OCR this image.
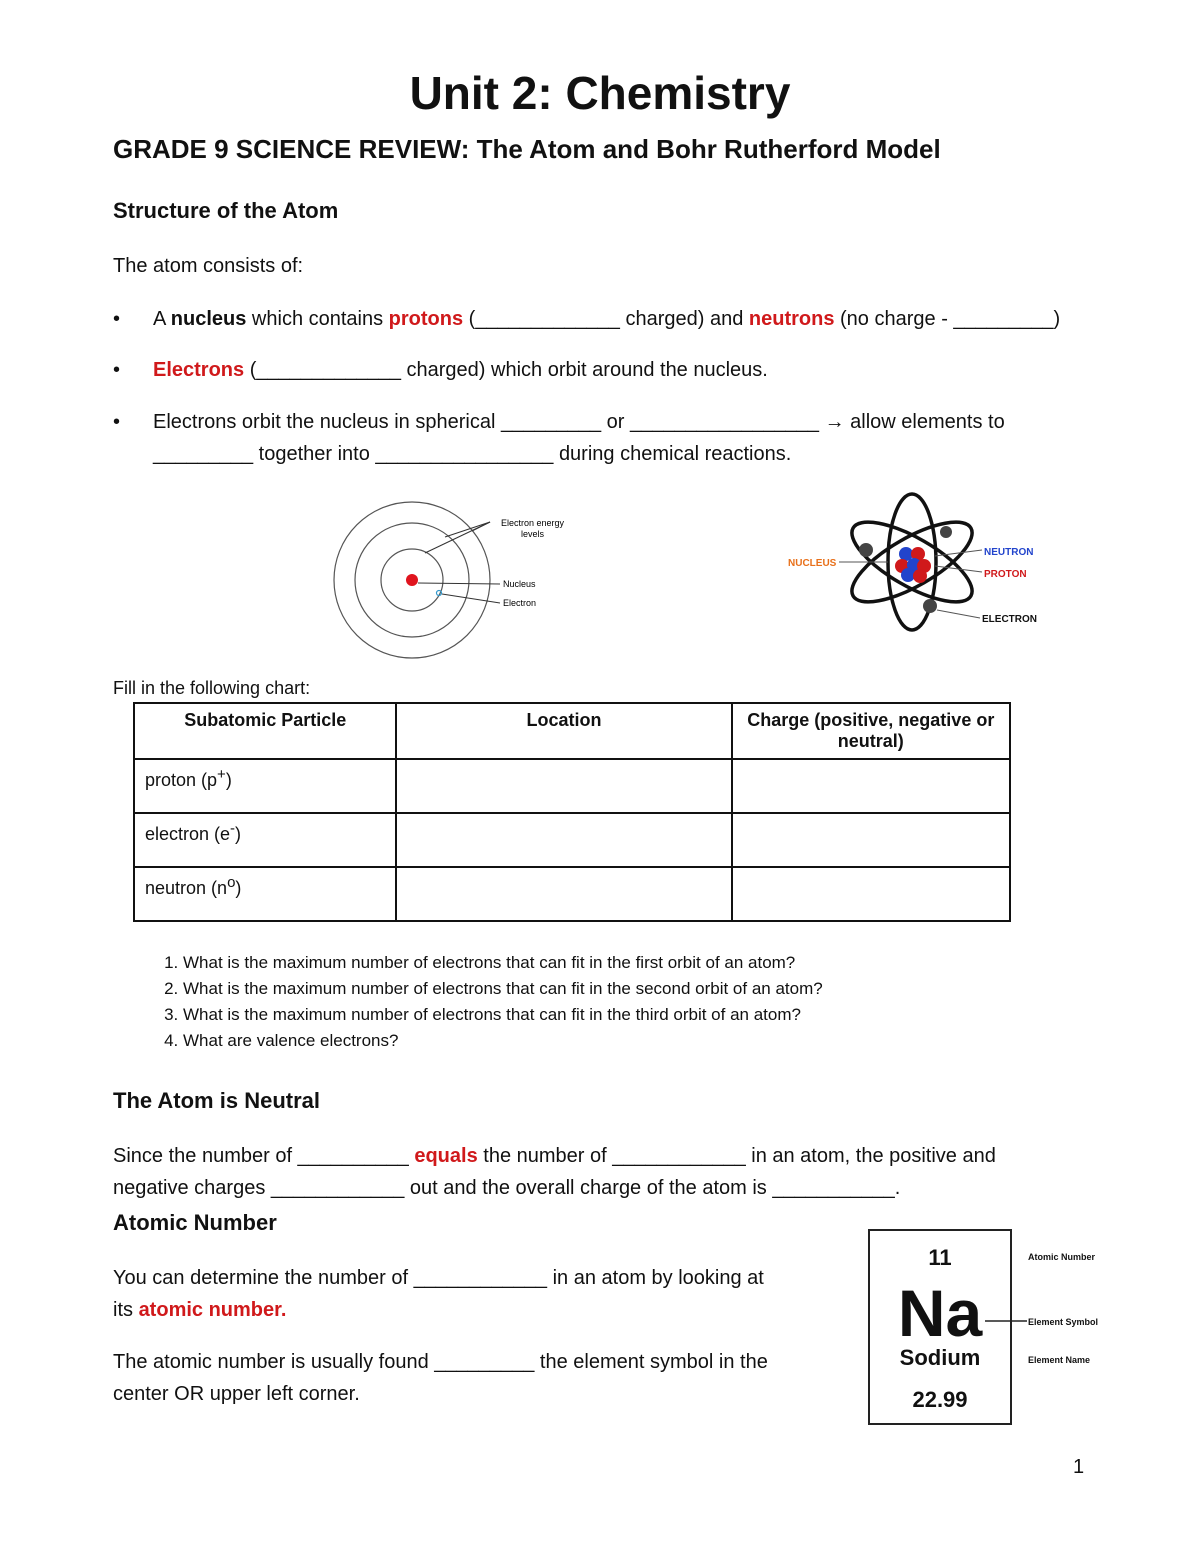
Unit 2: Chemistry
GRADE 9 SCIENCE REVIEW: The Atom and Bohr Rutherford Model
Structure of the Atom
The atom consists of:
• A nucleus which contains protons (_____________ charged) and neutrons (no charge - _________)
• Electrons (_____________ charged) which orbit around the nucleus.
• Electrons orbit the nucleus in spherical _________ or _________________ → allow elements to
_________ together into ________________ during chemical reactions.
Electron energy
levels
Nucleus
Electron
NUCLEUS
NEUTRON
PROTON
ELECTRON
Fill in the following chart:
Subatomic Particle	Location	Charge (positive, negative or neutral)
proton (p+)		
electron (e-)		
neutron $(n^o)$		
1. What is the maximum number of electrons that can fit in the first orbit of an atom?
2. What is the maximum number of electrons that can fit in the second orbit of an atom?
3. What is the maximum number of electrons that can fit in the third orbit of an atom?
4. What are valence electrons?
The Atom is Neutral
Since the number of __________ equals the number of ____________ in an atom, the positive and
negative charges ____________ out and the overall charge of the atom is ___________.
Atomic Number
You can determine the number of ____________ in an atom by looking at
its atomic number.
The atomic number is usually found _________ the element symbol in the
center OR upper left corner.
11
Na
Sodium
22.99
Atomic Number
Element Symbol
Element Name
1
